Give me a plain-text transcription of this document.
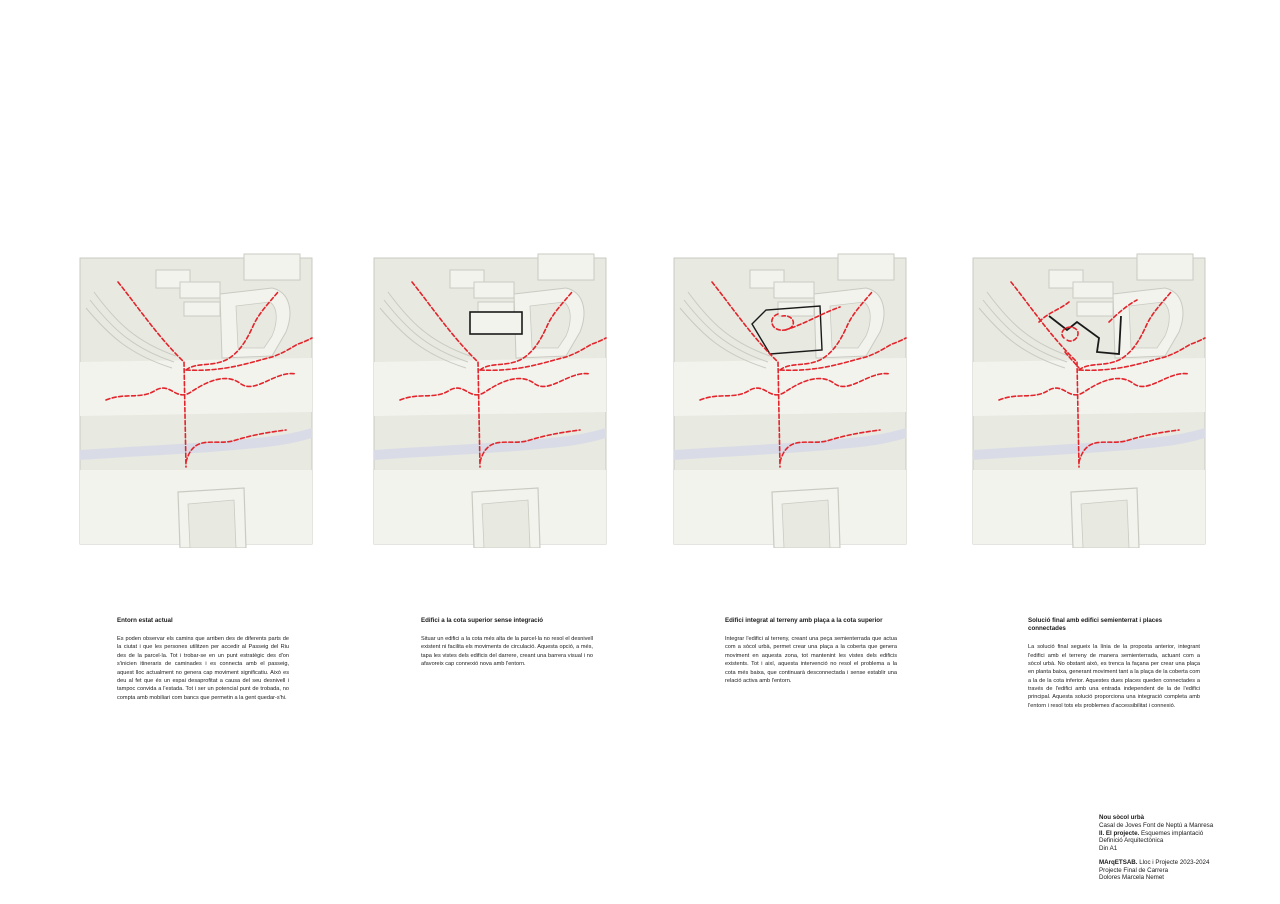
Entorn estat actual

Es poden observar els camins que arriben des de diferents parts de la ciutat i que les persones utilitzen per accedir al Passeig del Riu des de la parcel·la. Tot i trobar-se en un punt estratègic des d'on s'inicien itineraris de caminades i es connecta amb el passeig, aquest lloc actualment no genera cap moviment significatiu. Això es deu al fet que és un espai desaprofitat a causa del seu desnivell i tampoc convida a l'estada. Tot i ser un potencial punt de trobada, no compta amb mobiliari com bancs que permetin a la gent quedar-s'hi.

Edifici a la cota superior sense integració

Situar un edifici a la cota més alta de la parcel·la no resol el desnivell existent ni facilita els moviments de circulació. Aquesta opció, a més, tapa les vistes dels edificis del darrere, creant una barrera visual i no afavoreix cap connexió nova amb l'entorn.

Edifici integrat al terreny amb plaça a la cota superior

Integrar l'edifici al terreny, creant una peça semienterrada que actua com a sòcol urbà, permet crear una plaça a la coberta que genera moviment en aquesta zona, tot mantenint les vistes dels edificis existents. Tot i així, aquesta intervenció no resol el problema a la cota més baixa, que continuarà desconnectada i sense establir una relació activa amb l'entorn.

Solució final amb edifici semienterrat i places connectades

La solució final segueix la línia de la proposta anterior, integrant l'edifici amb el terreny de manera semienterrada, actuant com a sòcol urbà. No obstant això, es trenca la façana per crear una plaça en planta baixa, generant moviment tant a la plaça de la coberta com a la de la cota inferior. Aquestes dues places queden connectades a través de l'edifici amb una entrada independent de la de l'edifici principal. Aquesta solució proporciona una integració completa amb l'entorn i resol tots els problemes d'accessibilitat i connexió.

Nou sòcol urbà
Casal de Joves Font de Neptú a Manresa
II. El projecte. Esquemes implantació
Definició Arquitectònica
Din A1
MArqETSAB. Lloc i Projecte 2023-2024
Projecte Final de Carrera
Dolores Marcela Nemet
